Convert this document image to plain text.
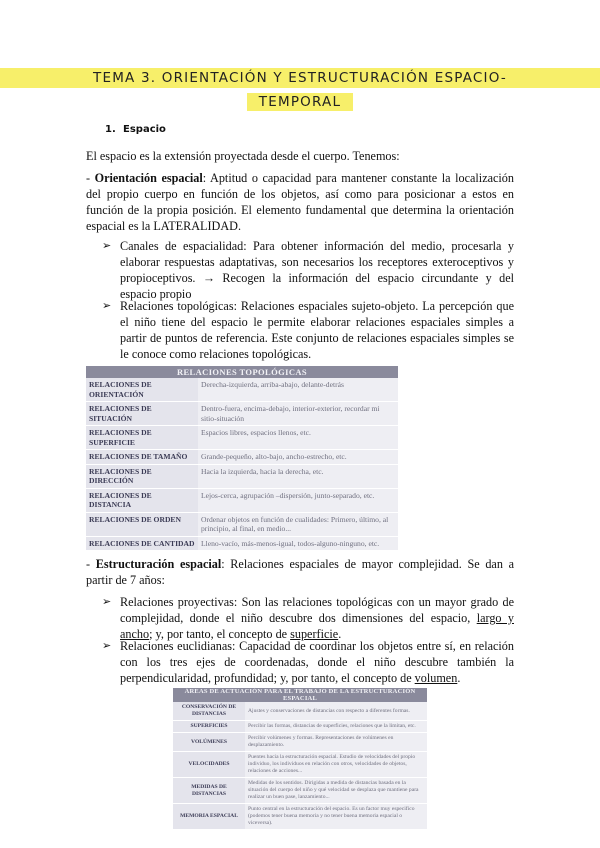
TEMA 3. ORIENTACIÓN Y ESTRUCTURACIÓN ESPACIO-
TEMPORAL
1. Espacio
El espacio es la extensión proyectada desde el cuerpo. Tenemos:
- Orientación espacial: Aptitud o capacidad para mantener constante la localización del propio cuerpo en función de los objetos, así como para posicionar a estos en función de la propia posición. El elemento fundamental que determina la orientación espacial es la LATERALIDAD.
➢ Canales de espacialidad: Para obtener información del medio, procesarla y elaborar respuestas adaptativas, son necesarios los receptores exteroceptivos y propioceptivos. → Recogen la información del espacio circundante y del espacio propio
➢ Relaciones topológicas: Relaciones espaciales sujeto-objeto. La percepción que el niño tiene del espacio le permite elaborar relaciones espaciales simples a partir de puntos de referencia. Este conjunto de relaciones espaciales simples se le conoce como relaciones topológicas.
RELACIONES TOPOLÓGICAS	
RELACIONES DE ORIENTACIÓN	Derecha-izquierda, arriba-abajo, delante-detrás
RELACIONES DE SITUACIÓN	Dentro-fuera, encima-debajo, interior-exterior, recordar mi sitio-situación
RELACIONES DE SUPERFICIE	Espacios libres, espacios llenos, etc.
RELACIONES DE TAMAÑO	Grande-pequeño, alto-bajo, ancho-estrecho, etc.
RELACIONES DE DIRECCIÓN	Hacia la izquierda, hacia la derecha, etc.
RELACIONES DE DISTANCIA	Lejos-cerca, agrupación –dispersión, junto-separado, etc.
RELACIONES DE ORDEN	Ordenar objetos en función de cualidades: Primero, último, al principio, al final, en medio...
RELACIONES DE CANTIDAD	Lleno-vacío, más-menos-igual, todos-alguno-ninguno, etc.
- Estructuración espacial: Relaciones espaciales de mayor complejidad. Se dan a partir de 7 años:
➢ Relaciones proyectivas: Son las relaciones topológicas con un mayor grado de complejidad, donde el niño descubre dos dimensiones del espacio, largo y ancho; y, por tanto, el concepto de superficie.
➢ Relaciones euclidianas: Capacidad de coordinar los objetos entre sí, en relación con los tres ejes de coordenadas, donde el niño descubre también la perpendicularidad, profundidad; y, por tanto, el concepto de volumen.
ÁREAS DE ACTUACIÓN PARA EL TRABAJO DE LA ESTRUCTURACIÓN ESPACIAL	
CONSERVACIÓN DE DISTANCIAS	Ajustes y conservaciones de distancias con respecto a diferentes formas.
SUPERFICIES	Percibir las formas, distancias de superficies, relaciones que la limitan, etc.
VOLÚMENES	Percibir volúmenes y formas. Representaciones de volúmenes en desplazamiento.
VELOCIDADES	Puentes hacia la estructuración espacial. Estudio de velocidades del propio individuo, los individuos en relación con otros, velocidades de objetos, relaciones de acciones...
MEDIDAS DE DISTANCIAS	Medidas de los sentidos. Dirigidas a medida de distancias basada en la situación del cuerpo del niño y qué velocidad se desplaza que mantiene para realizar un buen pase, lanzamiento...
MEMORIA ESPACIAL	Punto central en la estructuración del espacio. Es un factor muy especifico (podemos tener buena memoria y no tener buena memoria espacial o viceversa).
